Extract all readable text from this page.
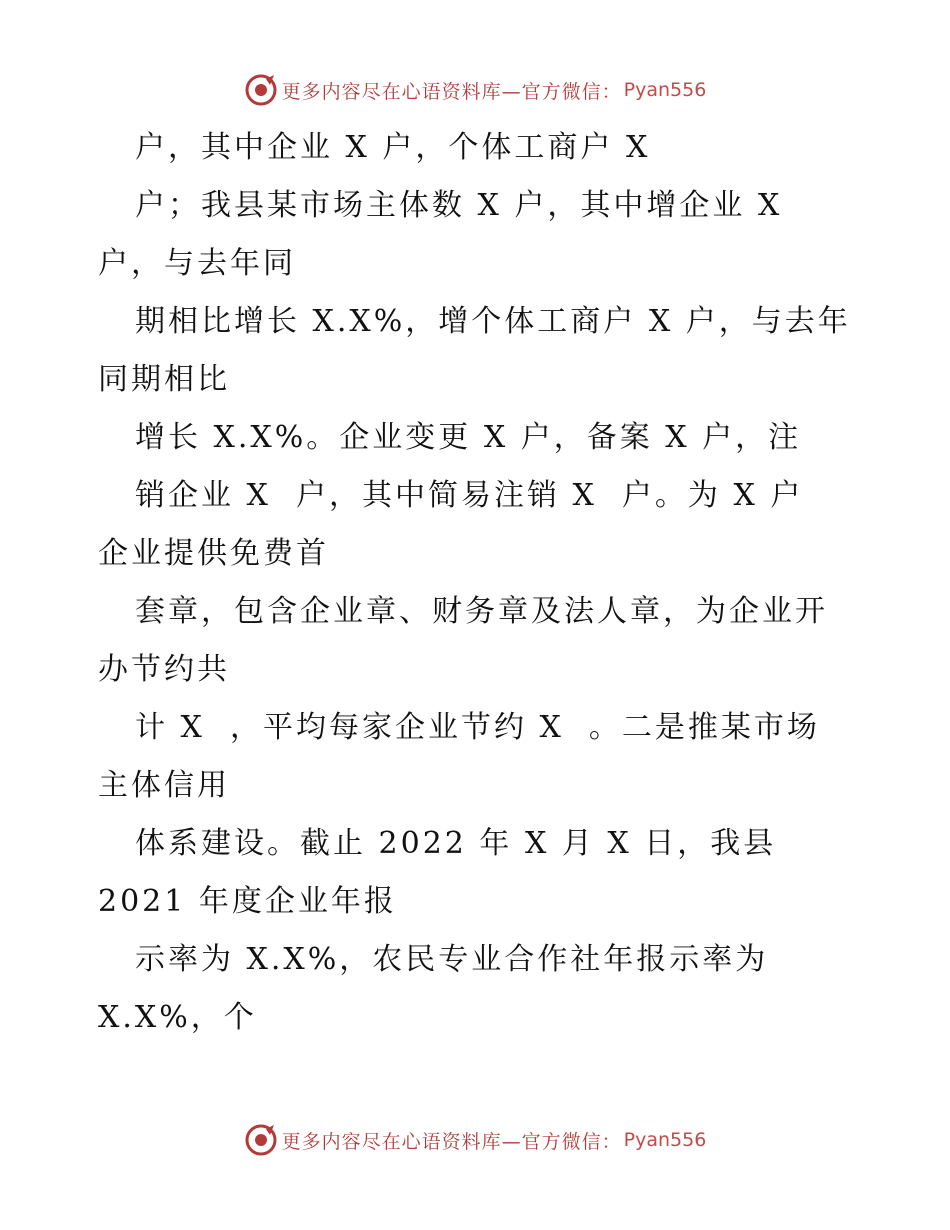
更多内容尽在心语资料库—官方微信： Pyan556
户，其中企业 X 户，个体工商户 X
户；我县某市场主体数 X 户，其中增企业 X
户，与去年同
期相比增长 X.X%，增个体工商户 X 户，与去年
同期相比
增长 X.X%。企业变更 X 户，备案 X 户，注
销企业 X  户，其中简易注销 X  户。为 X 户
企业提供免费首
套章，包含企业章、财务章及法人章，为企业开
办节约共
计 X  ，平均每家企业节约 X  。二是推某市场
主体信用
体系建设。截止 2022 年 X 月 X 日，我县
2021 年度企业年报
示率为 X.X%，农民专业合作社年报示率为
X.X%，个
更多内容尽在心语资料库—官方微信： Pyan556
